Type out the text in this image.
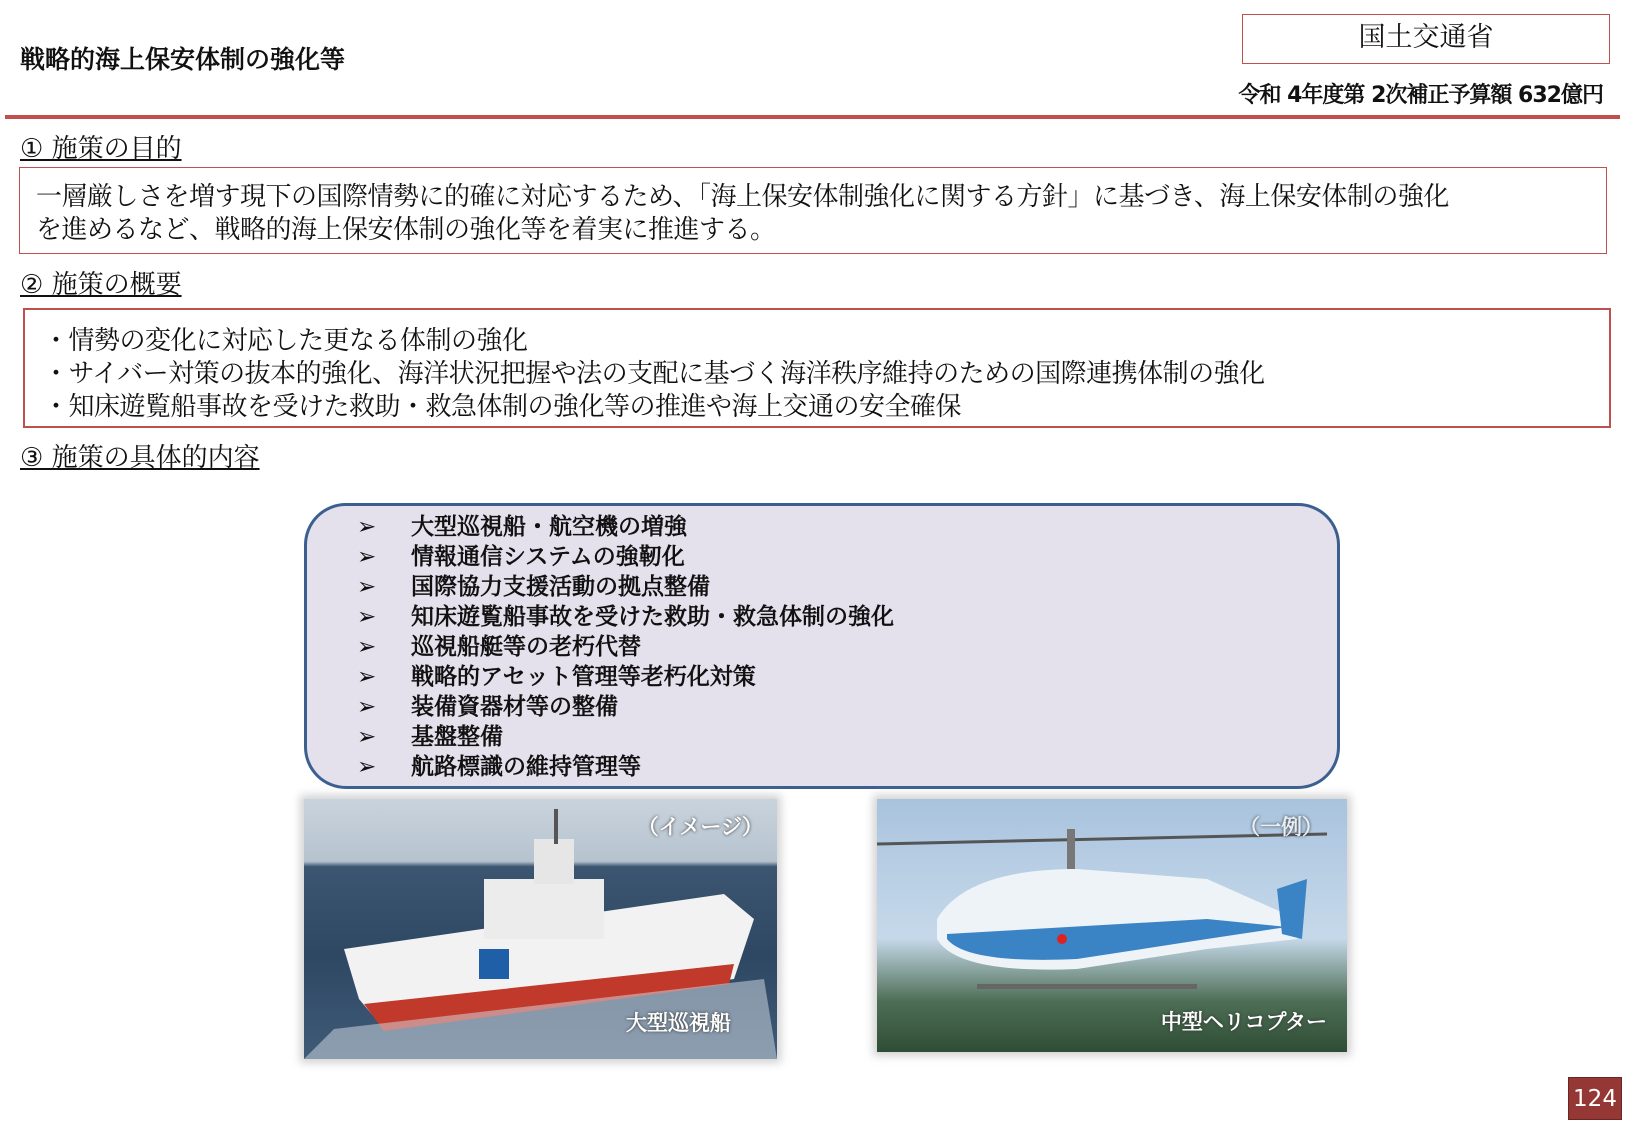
戦略的海上保安体制の強化等
国土交通省
令和 4年度第 2次補正予算額 632億円
① 施策の目的
一層厳しさを増す現下の国際情勢に的確に対応するため、「海上保安体制強化に関する方針」に基づき、海上保安体制の強化
を進めるなど、戦略的海上保安体制の強化等を着実に推進する。
② 施策の概要
・情勢の変化に対応した更なる体制の強化
・サイバー対策の抜本的強化、海洋状況把握や法の支配に基づく海洋秩序維持のための国際連携体制の強化
・知床遊覧船事故を受けた救助・救急体制の強化等の推進や海上交通の安全確保
③ 施策の具体的内容
➢ 大型巡視船・航空機の増強
➢ 情報通信システムの強靭化
➢ 国際協力支援活動の拠点整備
➢ 知床遊覧船事故を受けた救助・救急体制の強化
➢ 巡視船艇等の老朽代替
➢ 戦略的アセット管理等老朽化対策
➢ 装備資器材等の整備
➢ 基盤整備
➢ 航路標識の維持管理等
（イメージ）
大型巡視船
（一例）
中型ヘリコプター
124
